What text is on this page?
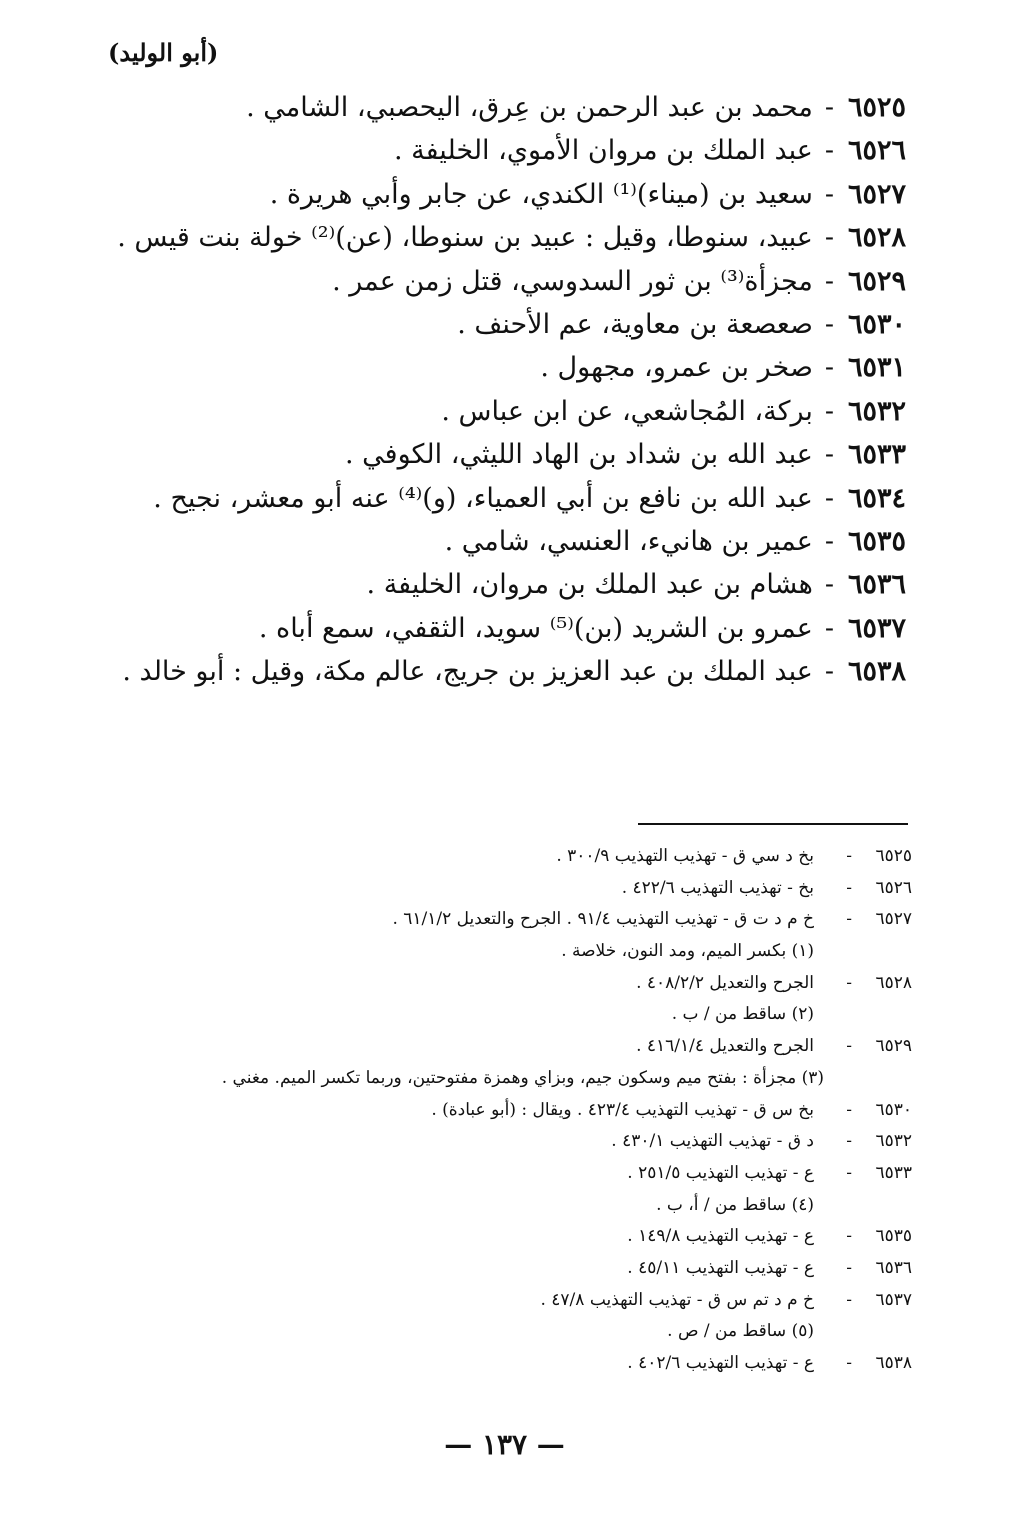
(أبو الوليد)
٦٥٢٥
-
محمد بن عبد الرحمن بن عِرق، اليحصبي، الشامي .
٦٥٢٦
-
عبد الملك بن مروان الأموي، الخليفة .
٦٥٢٧
-
سعيد بن (ميناء)⁽¹⁾ الكندي، عن جابر وأبي هريرة .
٦٥٢٨
-
عبيد، سنوطا، وقيل : عبيد بن سنوطا، (عن)⁽²⁾ خولة بنت قيس .
٦٥٢٩
-
مجزأة⁽³⁾ بن ثور السدوسي، قتل زمن عمر .
٦٥٣٠
-
صعصعة بن معاوية، عم الأحنف .
٦٥٣١
-
صخر بن عمرو، مجهول .
٦٥٣٢
-
بركة، المُجاشعي، عن ابن عباس .
٦٥٣٣
-
عبد الله بن شداد بن الهاد الليثي، الكوفي .
٦٥٣٤
-
عبد الله بن نافع بن أبي العمياء، (و)⁽⁴⁾ عنه أبو معشر، نجيح .
٦٥٣٥
-
عمير بن هانيء، العنسي، شامي .
٦٥٣٦
-
هشام بن عبد الملك بن مروان، الخليفة .
٦٥٣٧
-
عمرو بن الشريد (بن)⁽⁵⁾ سويد، الثقفي، سمع أباه .
٦٥٣٨
-
عبد الملك بن عبد العزيز بن جريج، عالم مكة، وقيل : أبو خالد .
٦٥٢٥
-
بخ د سي ق - تهذيب التهذيب ٣٠٠/٩ .
٦٥٢٦
-
بخ - تهذيب التهذيب ٤٢٢/٦ .
٦٥٢٧
-
خ م د ت ق - تهذيب التهذيب ٩١/٤ . الجرح والتعديل ٦١/١/٢ .
(١) بكسر الميم، ومد النون، خلاصة .
٦٥٢٨
-
الجرح والتعديل ٤٠٨/٢/٢ .
(٢) ساقط من / ب .
٦٥٢٩
-
الجرح والتعديل ٤١٦/١/٤ .
(٣) مجزأة : بفتح ميم وسكون جيم، وبزاي وهمزة مفتوحتين، وربما تكسر الميم. مغني .
٦٥٣٠
-
بخ س ق - تهذيب التهذيب ٤٢٣/٤ . ويقال : (أبو عبادة) .
٦٥٣٢
-
د ق - تهذيب التهذيب ٤٣٠/١ .
٦٥٣٣
-
ع - تهذيب التهذيب ٢٥١/٥ .
(٤) ساقط من / أ، ب .
٦٥٣٥
-
ع - تهذيب التهذيب ١٤٩/٨ .
٦٥٣٦
-
ع - تهذيب التهذيب ٤٥/١١ .
٦٥٣٧
-
خ م د تم س ق - تهذيب التهذيب ٤٧/٨ .
(٥) ساقط من / ص .
٦٥٣٨
-
ع - تهذيب التهذيب ٤٠٢/٦ .
— ١٣٧ —
